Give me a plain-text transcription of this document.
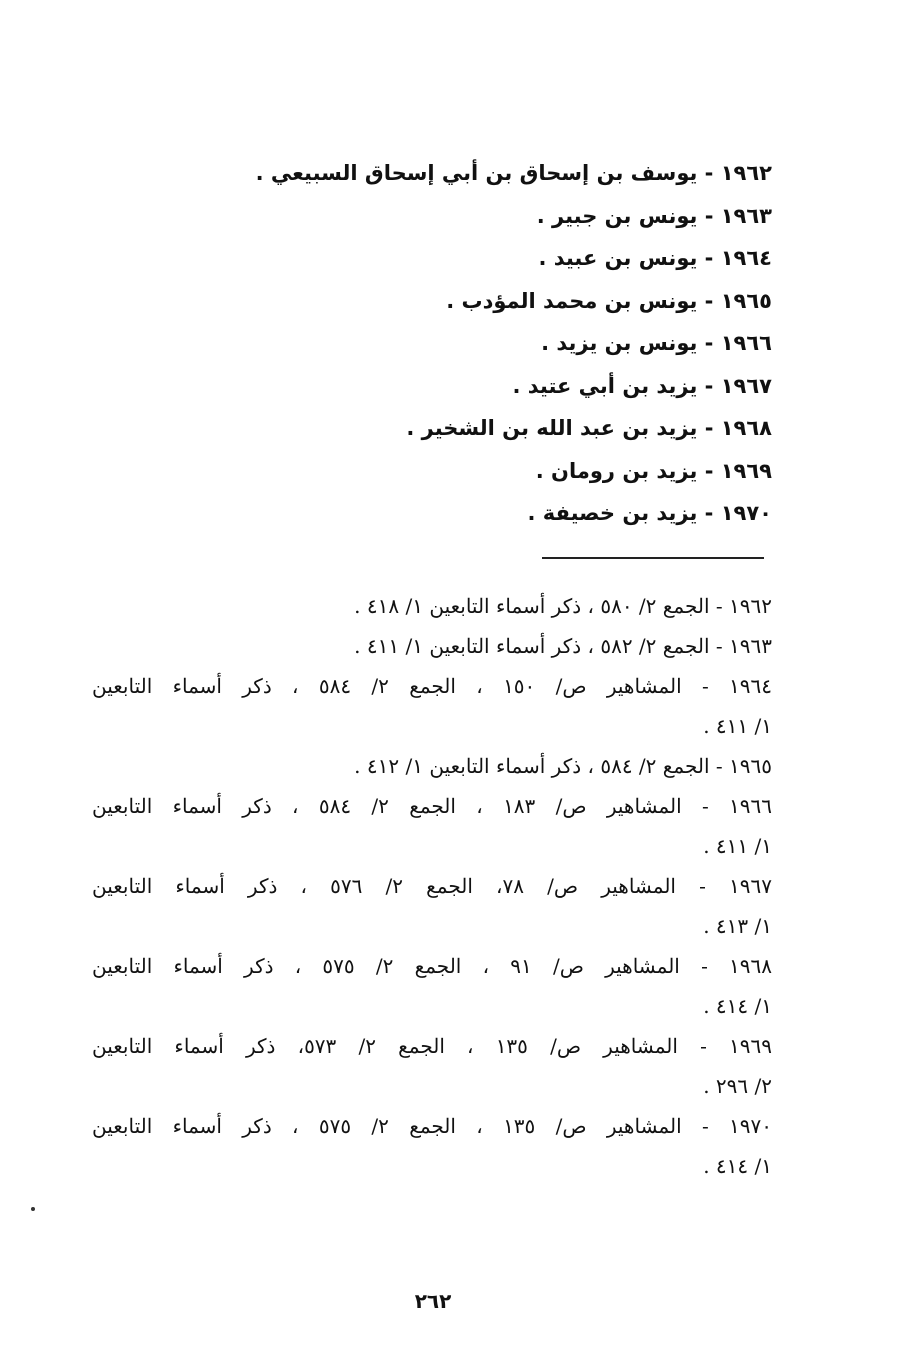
١٩٦٢ - يوسف بن إسحاق بن أبي إسحاق السبيعي .
١٩٦٣ - يونس بن جبير .
١٩٦٤ - يونس بن عبيد .
١٩٦٥ - يونس بن محمد المؤدب .
١٩٦٦ - يونس بن يزيد .
١٩٦٧ - يزيد بن أبي عتيد .
١٩٦٨ - يزيد بن عبد الله بن الشخير .
١٩٦٩ - يزيد بن رومان .
١٩٧٠ - يزيد بن خصيفة .
١٩٦٢ - الجمع ٢/ ٥٨٠ ، ذكر أسماء التابعين ١/ ٤١٨ .
١٩٦٣ - الجمع ٢/ ٥٨٢ ، ذكر أسماء التابعين ١/ ٤١١ .
١٩٦٤ - المشاهير ص/ ١٥٠ ، الجمع ٢/ ٥٨٤ ، ذكر أسماء التابعين
١/ ٤١١ .
١٩٦٥ - الجمع ٢/ ٥٨٤ ، ذكر أسماء التابعين ١/ ٤١٢ .
١٩٦٦ - المشاهير ص/ ١٨٣ ، الجمع ٢/ ٥٨٤ ، ذكر أسماء التابعين
١/ ٤١١ .
١٩٦٧ - المشاهير ص/ ٧٨، الجمع ٢/ ٥٧٦ ، ذكر أسماء التابعين
١/ ٤١٣ .
١٩٦٨ - المشاهير ص/ ٩١ ، الجمع ٢/ ٥٧٥ ، ذكر أسماء التابعين
١/ ٤١٤ .
١٩٦٩ - المشاهير ص/ ١٣٥ ، الجمع ٢/ ٥٧٣، ذكر أسماء التابعين
٢/ ٢٩٦ .
١٩٧٠ - المشاهير ص/ ١٣٥ ، الجمع ٢/ ٥٧٥ ، ذكر أسماء التابعين
١/ ٤١٤ .
٢٦٢
